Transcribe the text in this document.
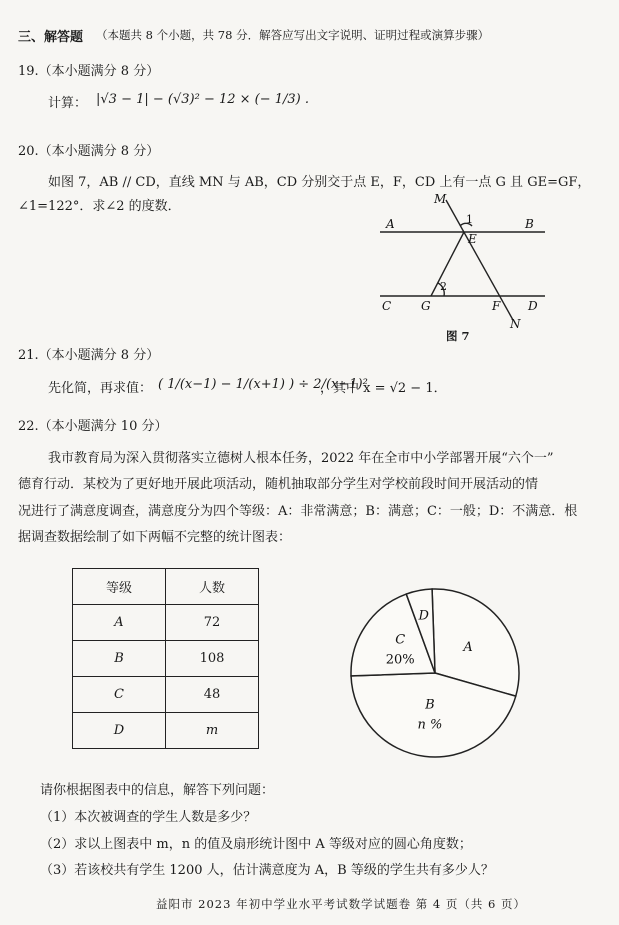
三、解答题 （本题共 8 个小题，共 78 分．解答应写出文字说明、证明过程或演算步骤）
19.（本小题满分 8 分）
计算： |√3 − 1| − (√3)² − 12 × (− 1/3) .
20.（本小题满分 8 分）
如图 7，AB // CD，直线 MN 与 AB，CD 分别交于点 E，F，CD 上有一点 G 且 GE=GF，
∠1=122°．求∠2 的度数．	M
1
A	B
E
C G
2
F D
N
图 7
21.（本小题满分 8 分）
先化简，再求值： ( 1/(x−1) − 1/(x+1) ) ÷ 2/(x−1)²
，其中 x = √2 − 1．
22.（本小题满分 10 分）
我市教育局为深入贯彻落实立德树人根本任务，2022 年在全市中小学部署开展“六个一”
德育行动．某校为了更好地开展此项活动，随机抽取部分学生对学校前段时间开展活动的情
况进行了满意度调查，满意度分为四个等级：A：非常满意；B：满意；C：一般；D：不满意．根
据调查数据绘制了如下两幅不完整的统计图表：
等级	人数
A	72
B	108
C	48
D	m
A
B
n %
C
20%
D
请你根据图表中的信息，解答下列问题：
（1）本次被调查的学生人数是多少？
（2）求以上图表中 m，n 的值及扇形统计图中 A 等级对应的圆心角度数；
（3）若该校共有学生 1200 人，估计满意度为 A，B 等级的学生共有多少人？
益阳市 2023 年初中学业水平考试数学试题卷 第 4 页（共 6 页）
